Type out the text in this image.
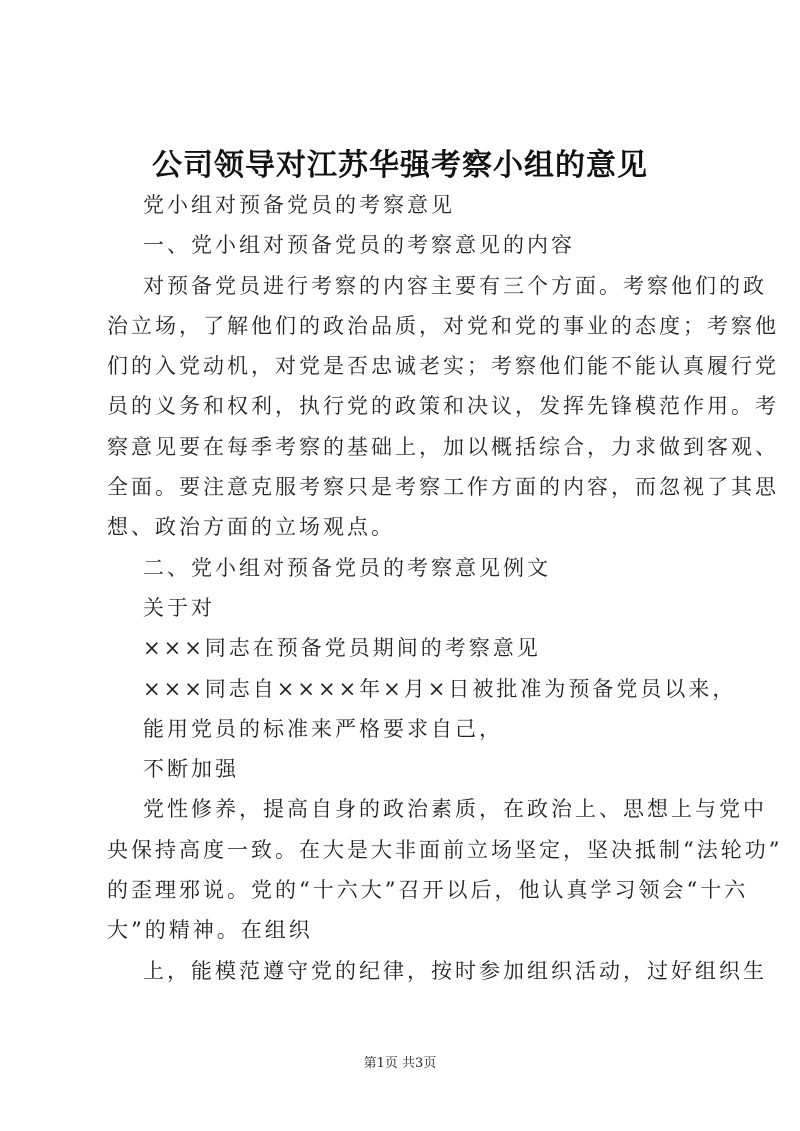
公司领导对江苏华强考察小组的意见
党小组对预备党员的考察意见
一、党小组对预备党员的考察意见的内容
对预备党员进行考察的内容主要有三个方面。考察他们的政
治立场，了解他们的政治品质，对党和党的事业的态度；考察他
们的入党动机，对党是否忠诚老实；考察他们能不能认真履行党
员的义务和权利，执行党的政策和决议，发挥先锋模范作用。考
察意见要在每季考察的基础上，加以概括综合，力求做到客观、
全面。要注意克服考察只是考察工作方面的内容，而忽视了其思
想、政治方面的立场观点。
二、党小组对预备党员的考察意见例文
关于对
×××同志在预备党员期间的考察意见
×××同志自××××年×月×日被批准为预备党员以来，
能用党员的标准来严格要求自己，
不断加强
党性修养，提高自身的政治素质，在政治上、思想上与党中
央保持高度一致。在大是大非面前立场坚定，坚决抵制“法轮功”
的歪理邪说。党的“十六大”召开以后，他认真学习领会“十六
大”的精神。在组织
上，能模范遵守党的纪律，按时参加组织活动，过好组织生
第1页 共3页
